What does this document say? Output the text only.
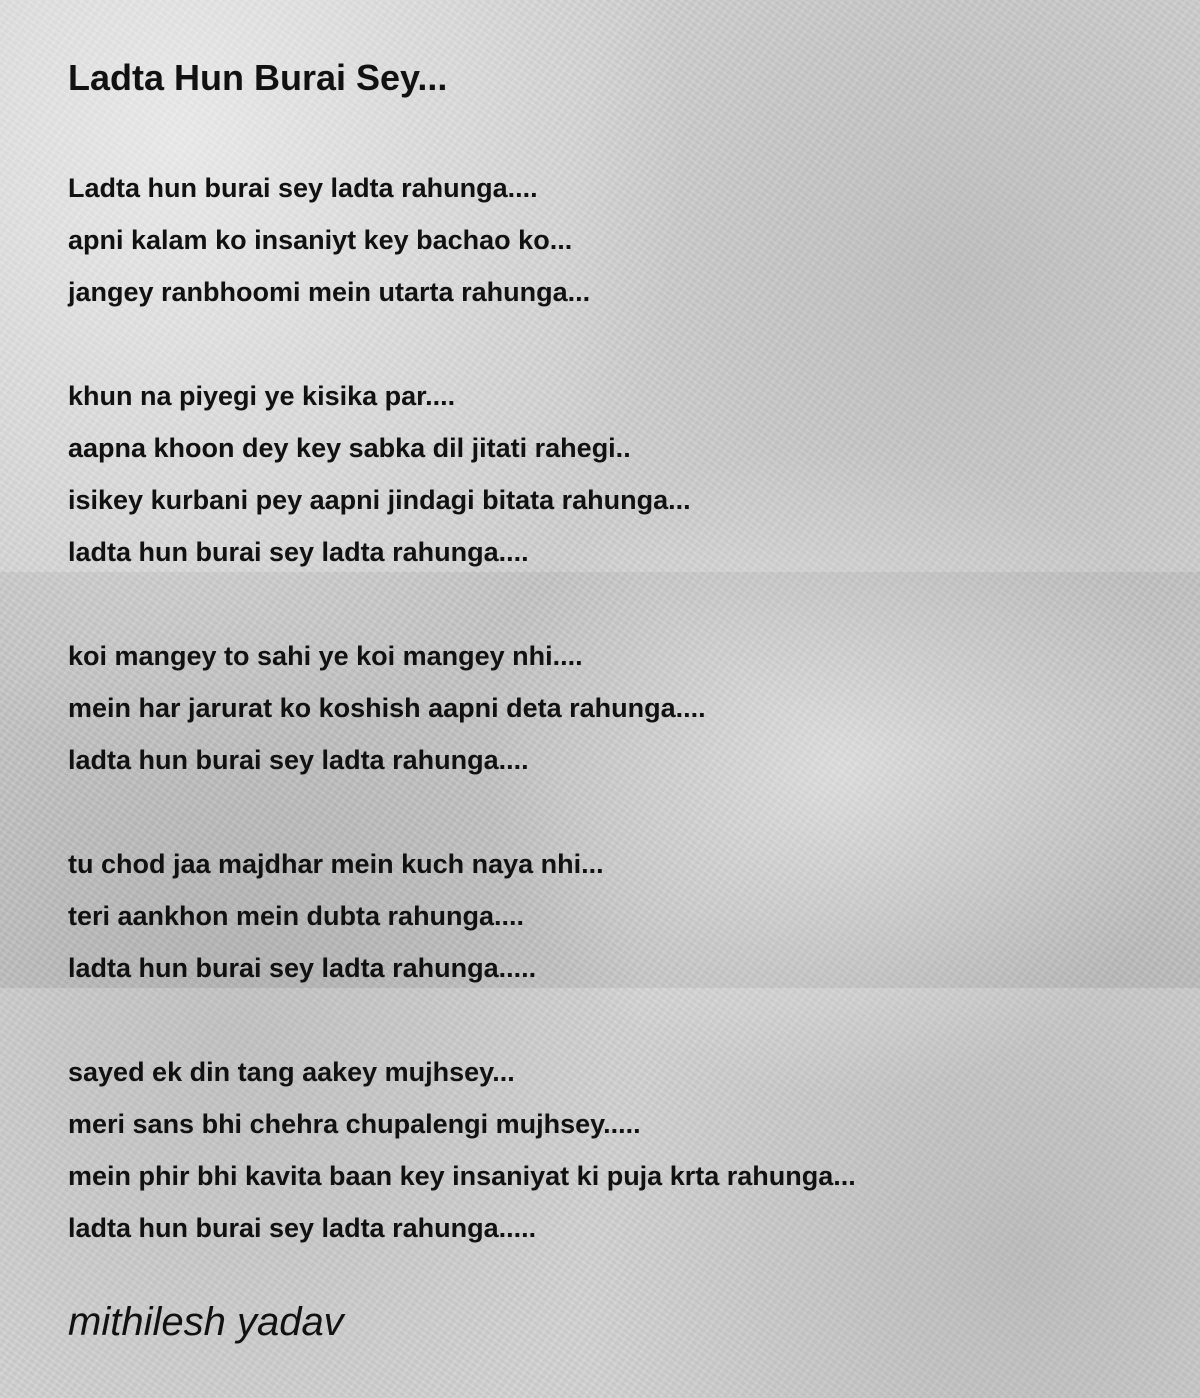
Ladta Hun Burai Sey...
Ladta hun burai sey ladta rahunga....
apni kalam ko insaniyt key bachao ko...
jangey ranbhoomi mein utarta rahunga...
khun na piyegi ye kisika par....
aapna khoon dey key sabka dil jitati rahegi..
isikey kurbani pey aapni jindagi bitata rahunga...
ladta hun burai sey ladta rahunga....
koi mangey to sahi ye koi mangey nhi....
mein har jarurat ko koshish aapni deta rahunga....
ladta hun burai sey ladta rahunga....
tu chod jaa majdhar mein kuch naya nhi...
teri aankhon mein dubta rahunga....
ladta hun burai sey ladta rahunga.....
sayed ek din tang aakey mujhsey...
meri sans bhi chehra chupalengi mujhsey.....
mein phir bhi kavita baan key insaniyat ki puja krta rahunga...
ladta hun burai sey ladta rahunga.....
mithilesh yadav
